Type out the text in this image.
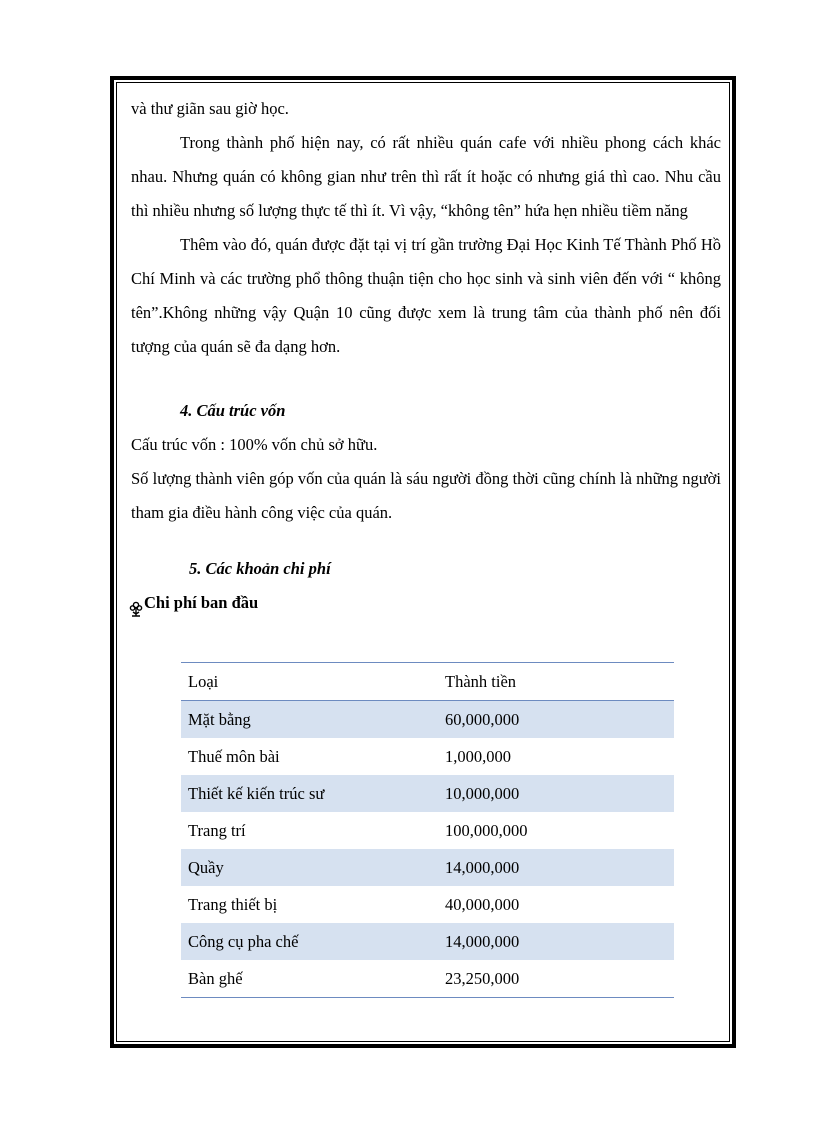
và thư giãn sau giờ học.

Trong thành phố hiện nay, có rất nhiều quán cafe với nhiều phong cách khác nhau. Nhưng quán có không gian như trên thì rất ít hoặc có nhưng giá thì cao. Nhu cầu thì nhiều nhưng số lượng thực tế thì ít. Vì vậy, “không tên” hứa hẹn nhiều tiềm năng

Thêm vào đó, quán được đặt tại vị trí gần trường Đại Học Kinh Tế Thành Phố Hồ Chí Minh và các trường phổ thông thuận tiện cho học sinh và sinh viên đến với “ không tên”.Không những vậy Quận 10 cũng được xem là trung tâm của thành phố nên đối tượng của quán sẽ đa dạng hơn.

4. Cấu trúc vốn

Cấu trúc vốn : 100% vốn chủ sở hữu.

Số lượng thành viên góp vốn của quán là sáu người đồng thời cũng chính là những người tham gia điều hành công việc của quán.

5. Các khoản chi phí

Chi phí ban đầu

Loại	Thành tiền
Mặt bằng	60,000,000
Thuế môn bài	1,000,000
Thiết kế kiến trúc sư	10,000,000
Trang trí	100,000,000
Quầy	14,000,000
Trang thiết bị	40,000,000
Công cụ pha chế	14,000,000
Bàn ghế	23,250,000
